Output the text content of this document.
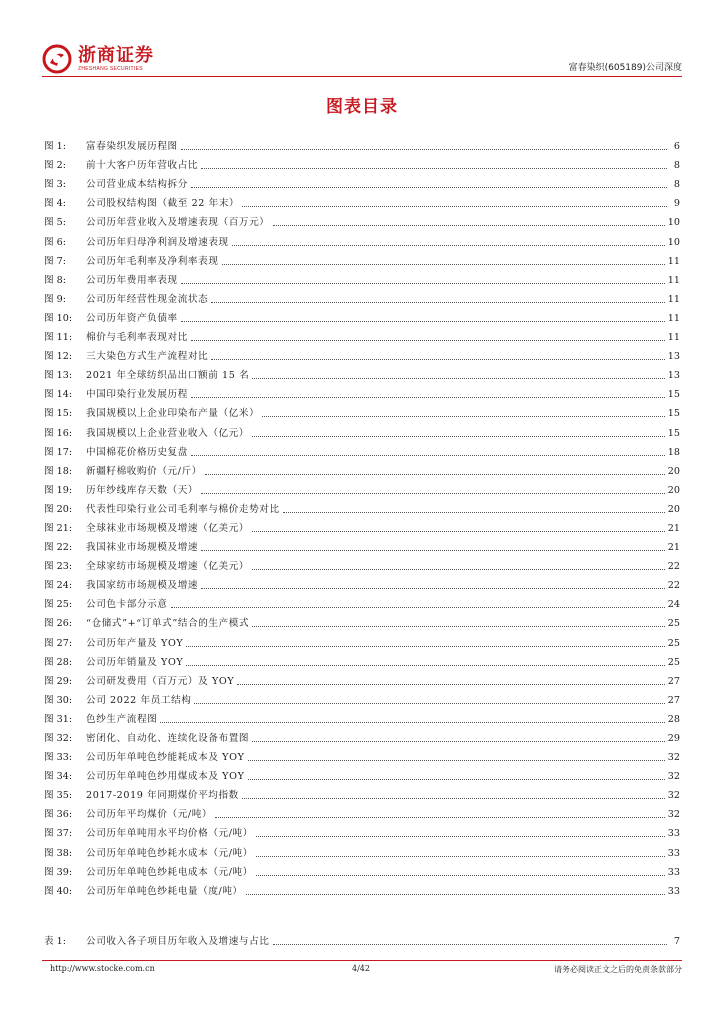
浙商证券
ZHESHANG SECURITIES	富春染织(605189)公司深度
图表目录
图 1:	富春染织发展历程图	6
图 2:	前十大客户历年营收占比	8
图 3:	公司营业成本结构拆分	8
图 4:	公司股权结构图（截至 22 年末）	9
图 5:	公司历年营业收入及增速表现（百万元）	10
图 6:	公司历年归母净利润及增速表现	10
图 7:	公司历年毛利率及净利率表现	11
图 8:	公司历年费用率表现	11
图 9:	公司历年经营性现金流状态	11
图 10:	公司历年资产负债率	11
图 11:	棉价与毛利率表现对比	11
图 12:	三大染色方式生产流程对比	13
图 13:	2021 年全球纺织品出口额前 15 名	13
图 14:	中国印染行业发展历程	15
图 15:	我国规模以上企业印染布产量（亿米）	15
图 16:	我国规模以上企业营业收入（亿元）	15
图 17:	中国棉花价格历史复盘	18
图 18:	新疆籽棉收购价（元/斤）	20
图 19:	历年纱线库存天数（天）	20
图 20:	代表性印染行业公司毛利率与棉价走势对比	20
图 21:	全球袜业市场规模及增速（亿美元）	21
图 22:	我国袜业市场规模及增速	21
图 23:	全球家纺市场规模及增速（亿美元）	22
图 24:	我国家纺市场规模及增速	22
图 25:	公司色卡部分示意	24
图 26:	“仓储式”+“订单式”结合的生产模式	25
图 27:	公司历年产量及 YOY	25
图 28:	公司历年销量及 YOY	25
图 29:	公司研发费用（百万元）及 YOY	27
图 30:	公司 2022 年员工结构	27
图 31:	色纱生产流程图	28
图 32:	密闭化、自动化、连续化设备布置图	29
图 33:	公司历年单吨色纱能耗成本及 YOY	32
图 34:	公司历年单吨色纱用煤成本及 YOY	32
图 35:	2017-2019 年同期煤价平均指数	32
图 36:	公司历年平均煤价（元/吨）	32
图 37:	公司历年单吨用水平均价格（元/吨）	33
图 38:	公司历年单吨色纱耗水成本（元/吨）	33
图 39:	公司历年单吨色纱耗电成本（元/吨）	33
图 40:	公司历年单吨色纱耗电量（度/吨）	33
表 1:	公司收入各子项目历年收入及增速与占比	7
http://www.stocke.com.cn	4/42	请务必阅读正文之后的免责条款部分
